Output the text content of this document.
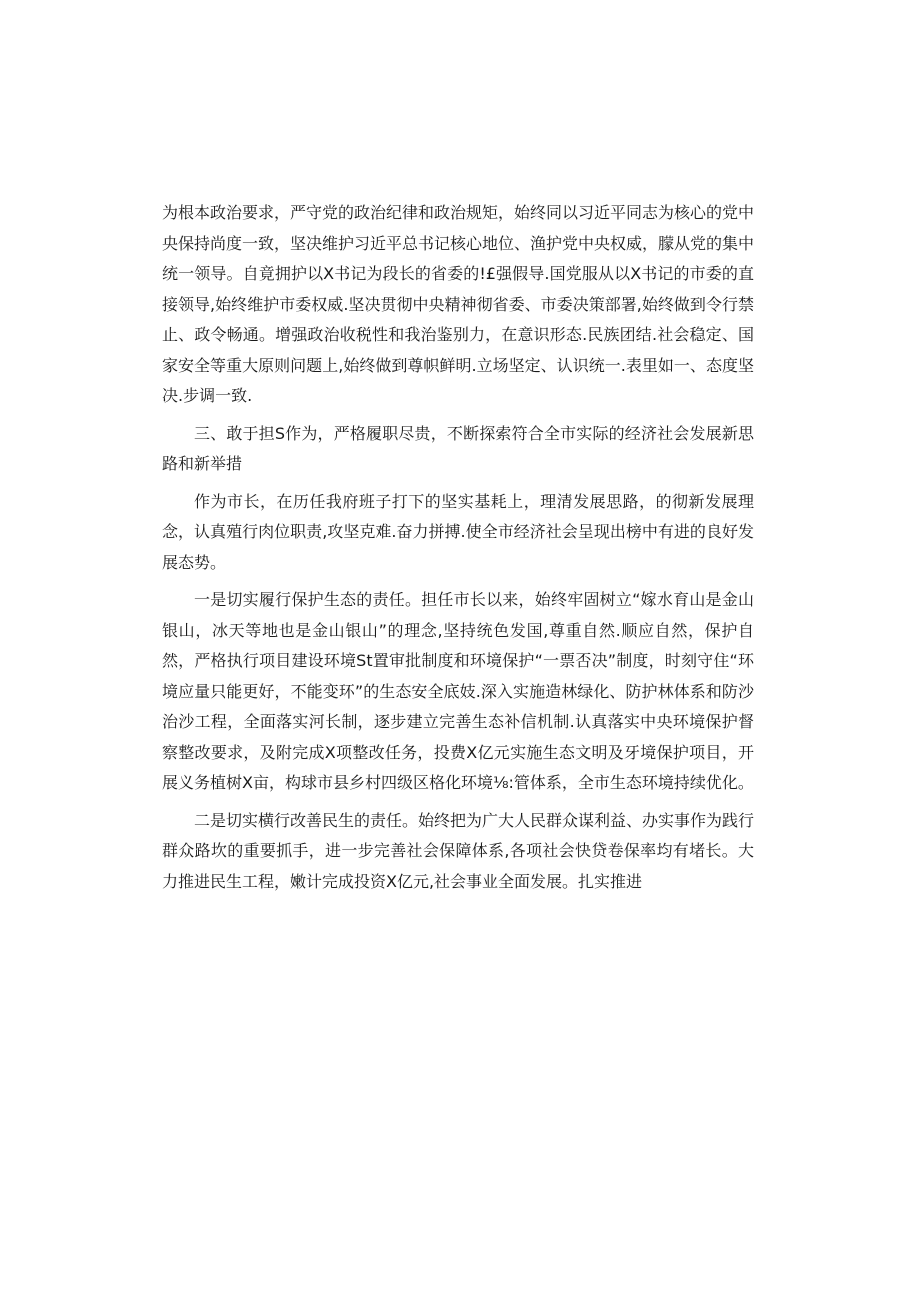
为根本政治要求，严守党的政治纪律和政治规矩，始终同以习近平同志为核心的党中央保持尚度一致，坚决维护习近平总书记核心地位、渔护党中央权威，朦从党的集中统一领导。自竟拥护以X书记为段长的省委的!£强假导.国党服从以X书记的市委的直接领导,始终维护市委权威.坚决贯彻中央精神彻省委、市委决策部署,始终做到令行禁止、政令畅通。增强政治收税性和我治鉴别力，在意识形态.民族团结.社会稳定、国家安全等重大原则问题上,始终做到尊帜鲜明.立场坚定、认识统一.表里如一、态度坚决.步调一致.

三、敢于担S作为，严格履职尽贵，不断探索符合全市实际的经济社会发展新思路和新举措

作为市长，在历任我府班子打下的坚实基耗上，理清发展思路，的彻新发展理念，认真殖行肉位职责,攻坚克难.奋力拼搏.使全市经济社会呈现出榜中有进的良好发展态势。

一是切实履行保护生态的责任。担任市长以来，始终牢固树立“嫁水育山是金山银山，冰天等地也是金山银山”的理念,坚持统色发国,尊重自然.顺应自然，保护自然，严格执行项目建设环境St置审批制度和环境保护“一票否决”制度，时刻守住“环境应量只能更好，不能变环”的生态安全底妓.深入实施造林绿化、防护林体系和防沙治沙工程，全面落实河长制，逐步建立完善生态补信机制.认真落实中央环境保护督察整改要求，及附完成X项整改任务，投费X亿元实施生态文明及牙境保护项目，开展义务植树X亩，构球市县乡村四级区格化环境⅛:管体系，全市生态环境持续优化。

二是切实横行改善民生的责任。始终把为广大人民群众谋利益、办实事作为践行群众路坎的重要抓手，进一步完善社会保障体系,各项社会快贷卷保率均有堵长。大力推进民生工程，嫩计完成投资X亿元,社会事业全面发展。扎实推进
